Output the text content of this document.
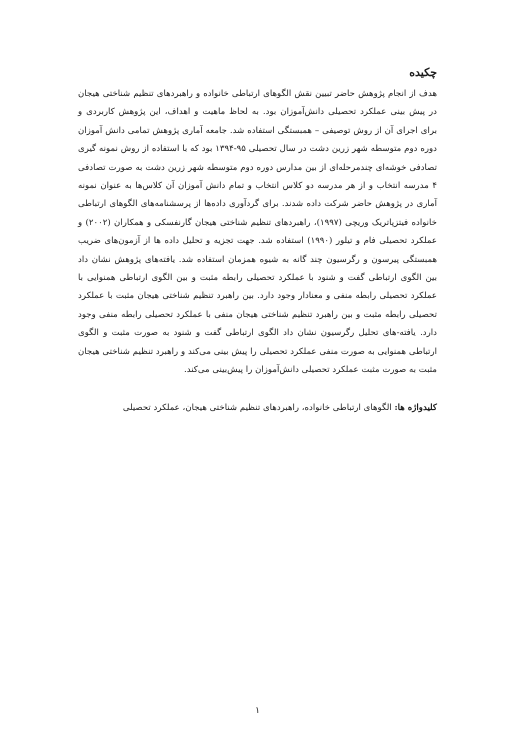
چکیده

هدف از انجام پژوهش حاضر تبیین نقش الگوهای ارتباطی خانواده و راهبردهای تنظیم شناختی هیجان در پیش بینی عملکرد تحصیلی دانش‌آموزان بود. به لحاظ ماهیت و اهداف، این پژوهش کاربردی و برای اجرای آن از روش توصیفی – همبستگی استفاده شد. جامعه آماری پژوهش تمامی دانش آموزان دوره دوم متوسطه شهر زرین دشت در سال تحصیلی ۹۵-۱۳۹۴ بود که با استفاده از روش نمونه گیری تصادفی خوشه‌ای چندمرحله‌ای از بین مدارس دوره دوم متوسطه شهر زرین دشت به صورت تصادفی ۴ مدرسه انتخاب و از هر مدرسه دو کلاس انتخاب و تمام دانش آموزان آن کلاس‌ها به عنوان نمونه آماری در پژوهش حاضر شرکت داده شدند. برای گردآوری داده‌ها از پرسشنامه‌های الگوهای ارتباطی خانواده فیتزپاتریک وریچی (۱۹۹۷)، راهبردهای تنظیم شناختی هیجان گارنفسکی و همکاران (۲۰۰۲) و عملکرد تحصیلی فام و تیلور (۱۹۹۰) استفاده شد. جهت تجزیه و تحلیل داده ها از آزمون‌های ضریب همبستگی پیرسون و رگرسیون چند گانه به شیوه همزمان استفاده شد. یافته‌های پژوهش نشان داد بین الگوی ارتباطی گفت و شنود با عملکرد تحصیلی رابطه مثبت و بین الگوی ارتباطی همنوایی با عملکرد تحصیلی رابطه منفی و معنادار وجود دارد. بین راهبرد تنظیم شناختی هیجان مثبت با عملکرد تحصیلی رابطه مثبت و بین راهبرد تنظیم شناختی هیجان منفی با عملکرد تحصیلی رابطه منفی وجود دارد. یافته‌-های تحلیل رگرسیون نشان داد الگوی ارتباطی گفت و شنود به صورت مثبت و الگوی ارتباطی همنوایی به صورت منفی عملکرد تحصیلی را پیش بینی می‌کند و راهبرد تنظیم شناختی هیجان مثبت به صورت مثبت عملکرد تحصیلی دانش‌آموزان را پیش‌بینی می‌کند.

کلیدواژه ها: الگوهای ارتباطی خانواده، راهبردهای تنظیم شناختی هیجان، عملکرد تحصیلی

۱
